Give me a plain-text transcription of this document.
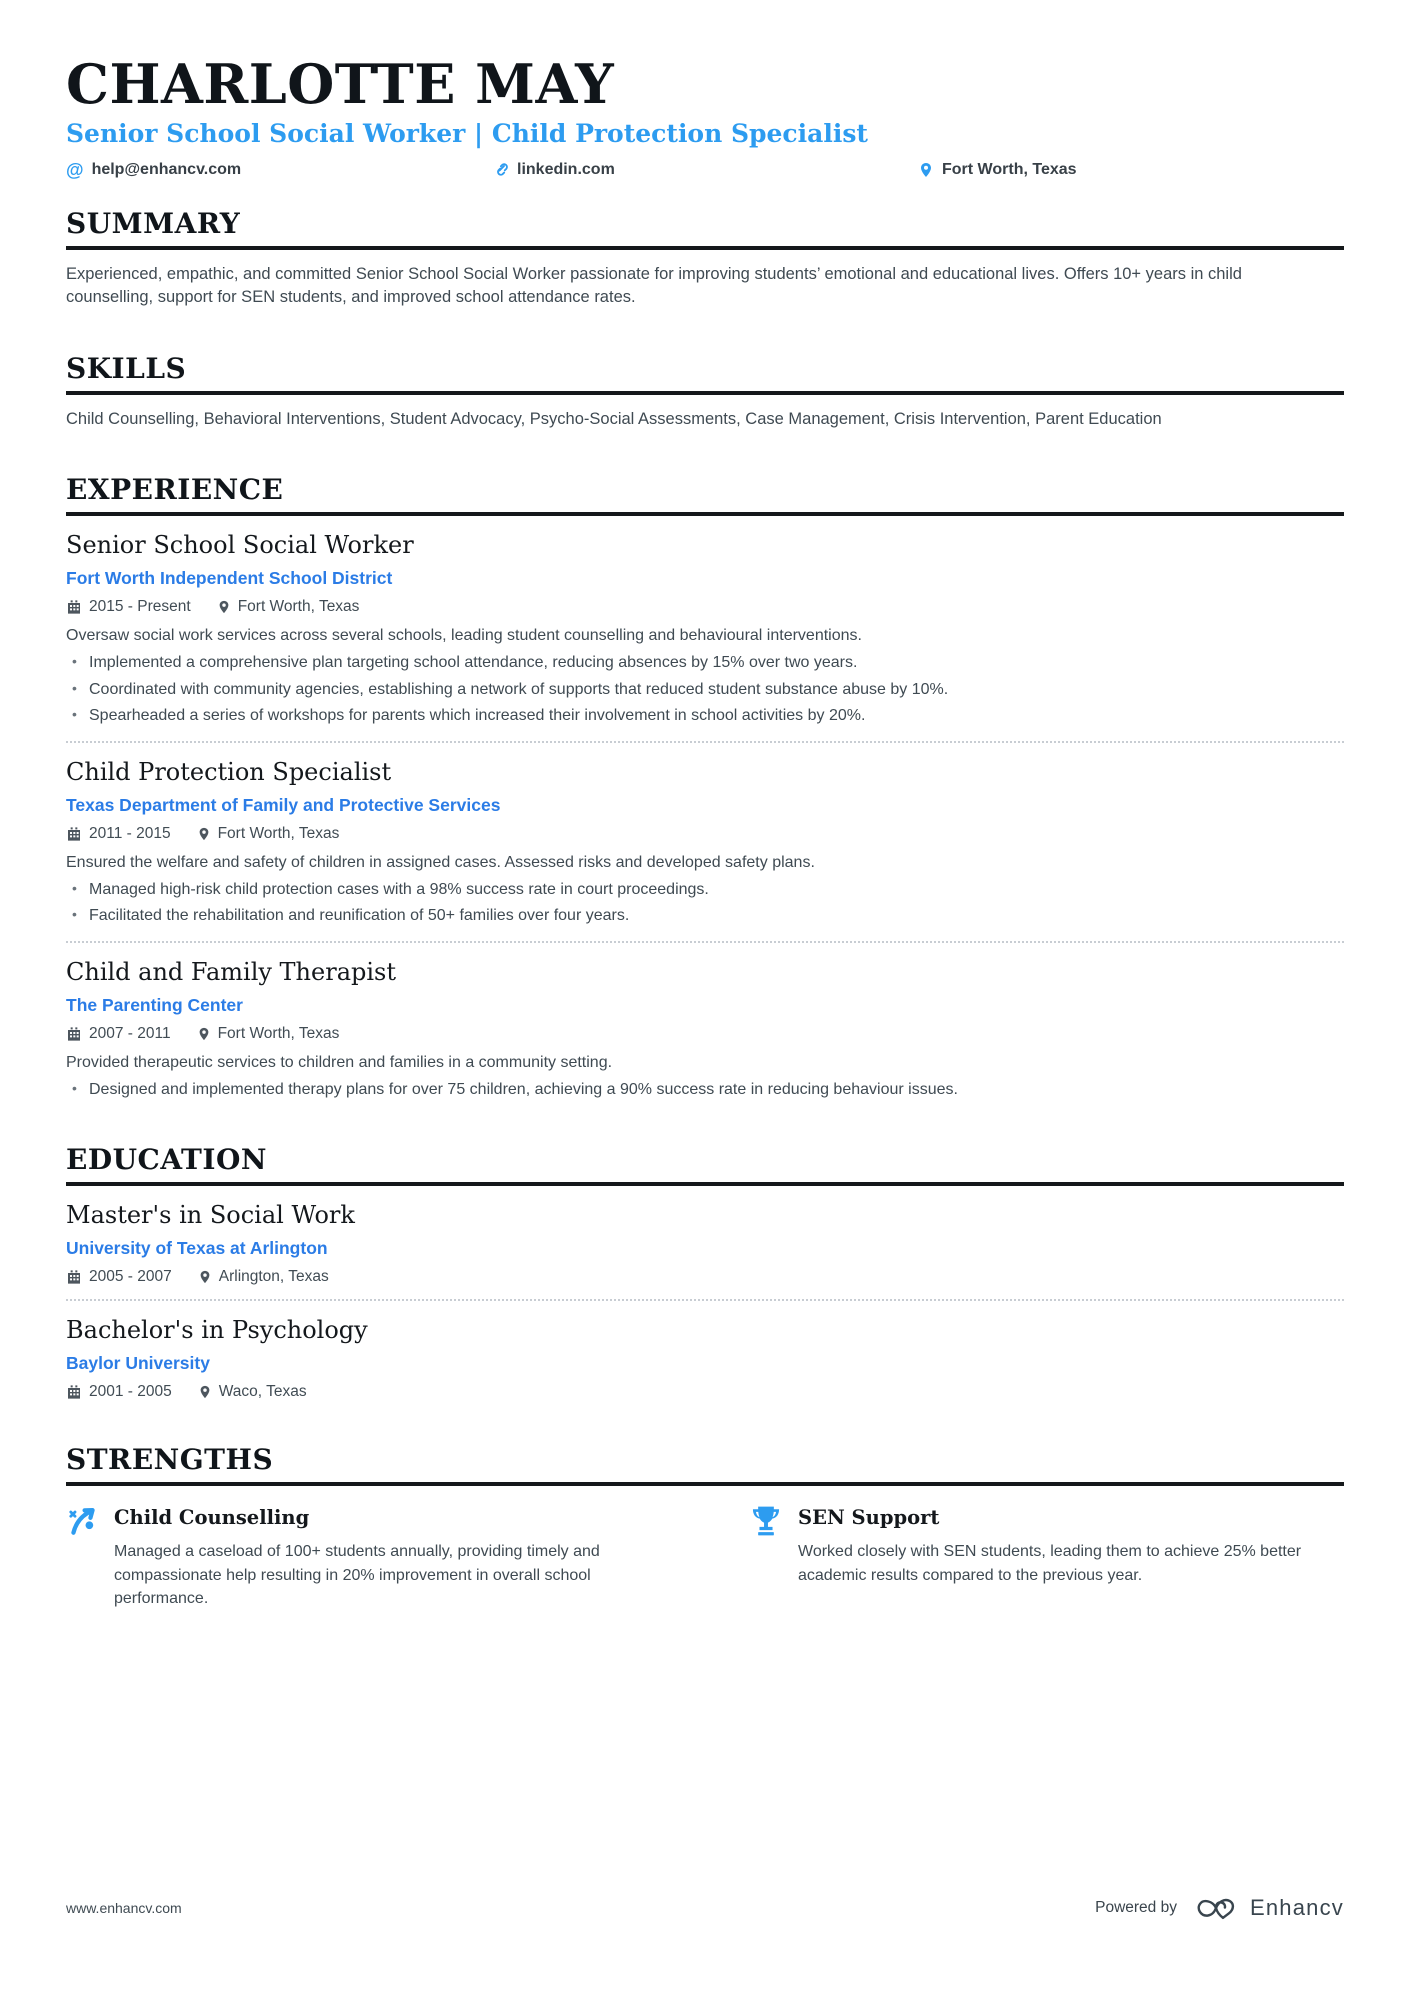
CHARLOTTE MAY
Senior School Social Worker | Child Protection Specialist
@ help@enhancv.com	linkedin.com	Fort Worth, Texas
SUMMARY

Experienced, empathic, and committed Senior School Social Worker passionate for improving students’ emotional and educational lives. Offers 10+ years in child counselling, support for SEN students, and improved school attendance rates.

SKILLS

Child Counselling, Behavioral Interventions, Student Advocacy, Psycho-Social Assessments, Case Management, Crisis Intervention, Parent Education

EXPERIENCE
Senior School Social Worker
Fort Worth Independent School District
2015 - Present	Fort Worth, Texas

Oversaw social work services across several schools, leading student counselling and behavioural interventions.

• Implemented a comprehensive plan targeting school attendance, reducing absences by 15% over two years.
• Coordinated with community agencies, establishing a network of supports that reduced student substance abuse by 10%.
• Spearheaded a series of workshops for parents which increased their involvement in school activities by 20%.
Child Protection Specialist
Texas Department of Family and Protective Services
2011 - 2015	Fort Worth, Texas

Ensured the welfare and safety of children in assigned cases. Assessed risks and developed safety plans.

• Managed high-risk child protection cases with a 98% success rate in court proceedings.
• Facilitated the rehabilitation and reunification of 50+ families over four years.
Child and Family Therapist
The Parenting Center
2007 - 2011	Fort Worth, Texas

Provided therapeutic services to children and families in a community setting.

• Designed and implemented therapy plans for over 75 children, achieving a 90% success rate in reducing behaviour issues.
EDUCATION
Master's in Social Work
University of Texas at Arlington
2005 - 2007	Arlington, Texas
Bachelor's in Psychology
Baylor University
2001 - 2005	Waco, Texas
STRENGTHS
Child Counselling

Managed a caseload of 100+ students annually, providing timely and compassionate help resulting in 20% improvement in overall school performance.

SEN Support

Worked closely with SEN students, leading them to achieve 25% better academic results compared to the previous year.

www.enhancv.com	Powered by	Enhancv
